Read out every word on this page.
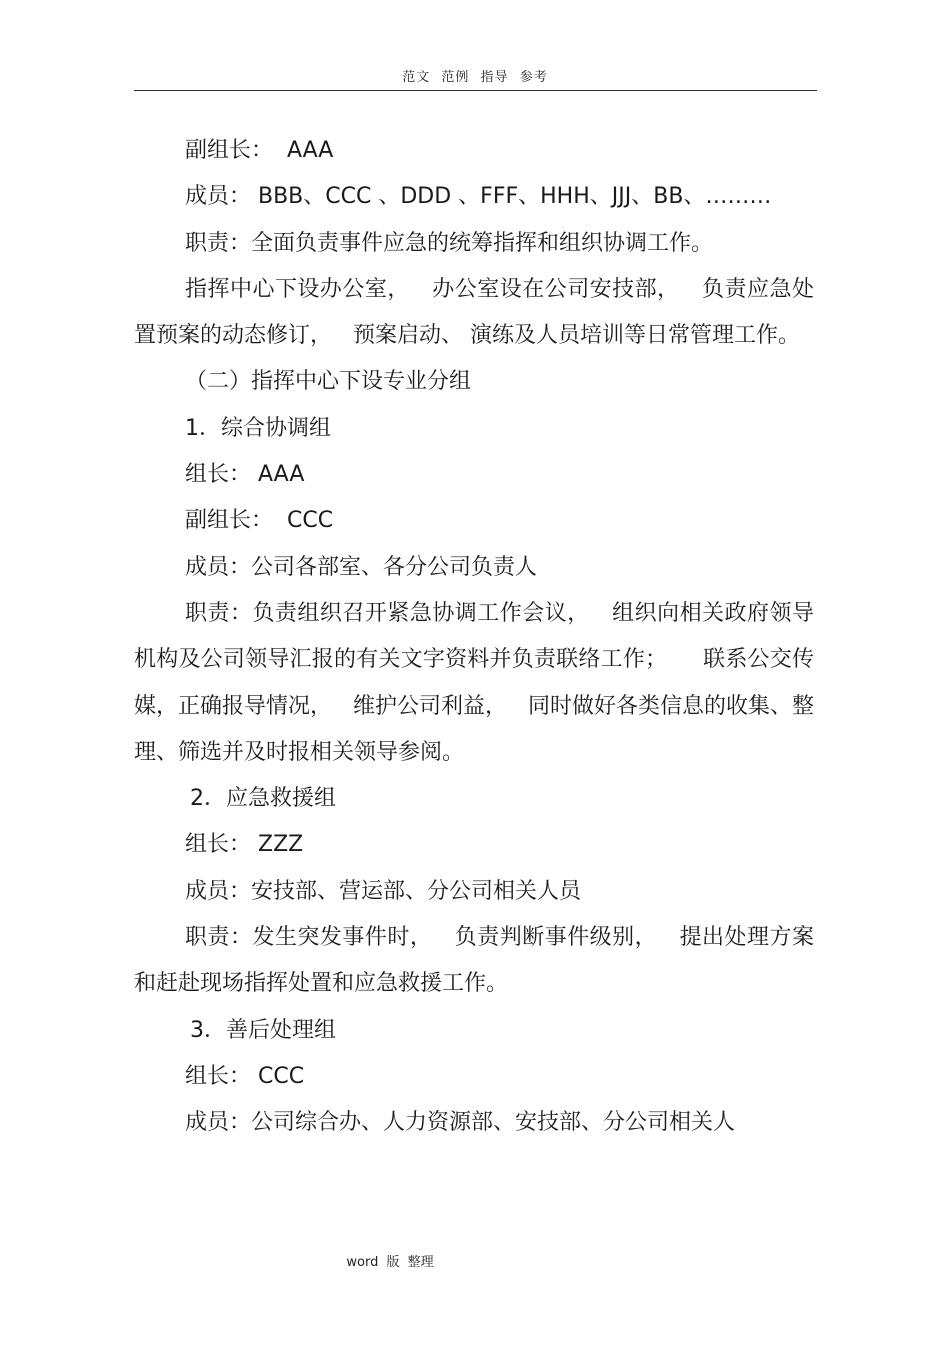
范文 范例 指导 参考

副组长：  AAA

成员： BBB、CCC 、DDD 、FFF、HHH、JJJ、BB、………

职责：全面负责事件应急的统筹指挥和组织协调工作。

指挥中心下设办公室，   办公室设在公司安技部，   负责应急处置预案的动态修订，   预案启动、 演练及人员培训等日常管理工作。

（二）指挥中心下设专业分组

1．综合协调组

组长： AAA

副组长：  CCC

成员：公司各部室、各分公司负责人

职责：负责组织召开紧急协调工作会议，   组织向相关政府领导机构及公司领导汇报的有关文字资料并负责联络工作；     联系公交传媒，正确报导情况，   维护公司利益，   同时做好各类信息的收集、整理、筛选并及时报相关领导参阅。

2．应急救援组

组长： ZZZ

成员：安技部、营运部、分公司相关人员

职责：发生突发事件时，   负责判断事件级别，   提出处理方案和赶赴现场指挥处置和应急救援工作。

3．善后处理组

组长： CCC

成员：公司综合办、人力资源部、安技部、分公司相关人

word 版 整理
